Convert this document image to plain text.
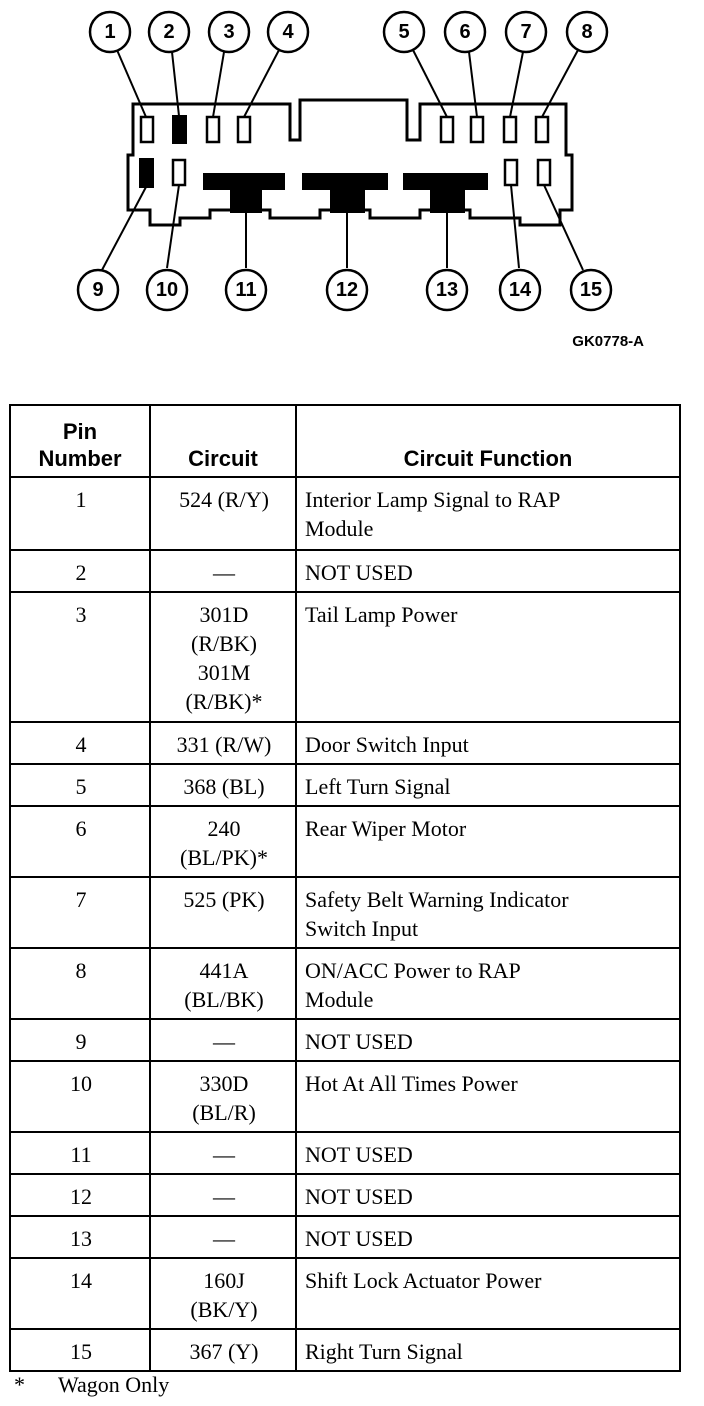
1 2 3 4	5 6 7 8
9	10	11	12	13	14 15
GK0778-A
Pin
Number	Circuit	Circuit Function
1	524 (R/Y)	Interior Lamp Signal to RAP
Module
2	—	NOT USED
3	301D
(R/BK)
301M
(R/BK)*	Tail Lamp Power
4	331 (R/W)	Door Switch Input
5	368 (BL)	Left Turn Signal
6	240
(BL/PK)*	Rear Wiper Motor
7	525 (PK)	Safety Belt Warning Indicator
Switch Input
8	441A
(BL/BK)	ON/ACC Power to RAP
Module
9	—	NOT USED
10	330D
(BL/R)	Hot At All Times Power
11	—	NOT USED
12	—	NOT USED
13	—	NOT USED
14	160J
(BK/Y)	Shift Lock Actuator Power
15	367 (Y)	Right Turn Signal
* Wagon Only
